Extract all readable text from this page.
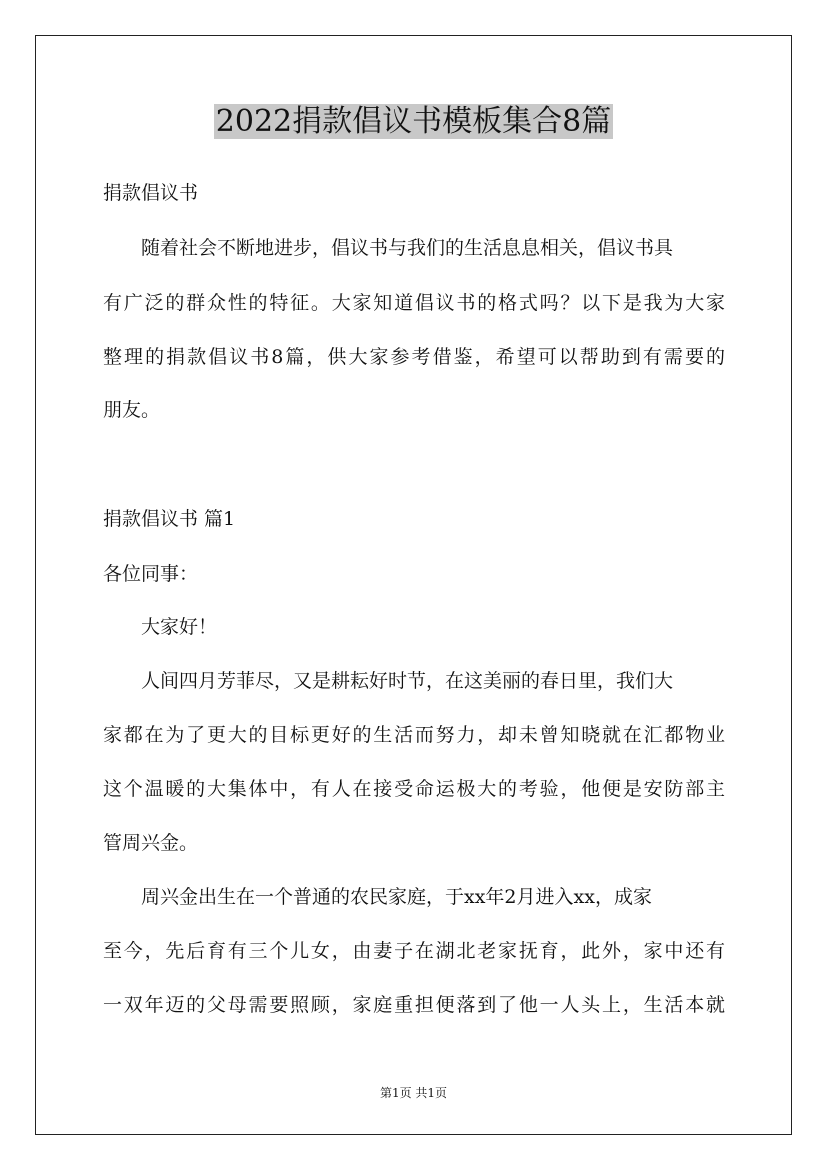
2022捐款倡议书模板集合8篇
捐款倡议书
随着社会不断地进步，倡议书与我们的生活息息相关，倡议书具
有广泛的群众性的特征。大家知道倡议书的格式吗？以下是我为大家
整理的捐款倡议书8篇，供大家参考借鉴，希望可以帮助到有需要的
朋友。
捐款倡议书 篇1
各位同事：
大家好！
人间四月芳菲尽，又是耕耘好时节，在这美丽的春日里，我们大
家都在为了更大的目标更好的生活而努力，却未曾知晓就在汇都物业
这个温暖的大集体中，有人在接受命运极大的考验，他便是安防部主
管周兴金。
周兴金出生在一个普通的农民家庭，于xx年2月进入xx，成家
至今，先后育有三个儿女，由妻子在湖北老家抚育，此外，家中还有
一双年迈的父母需要照顾，家庭重担便落到了他一人头上，生活本就
第1页 共1页
